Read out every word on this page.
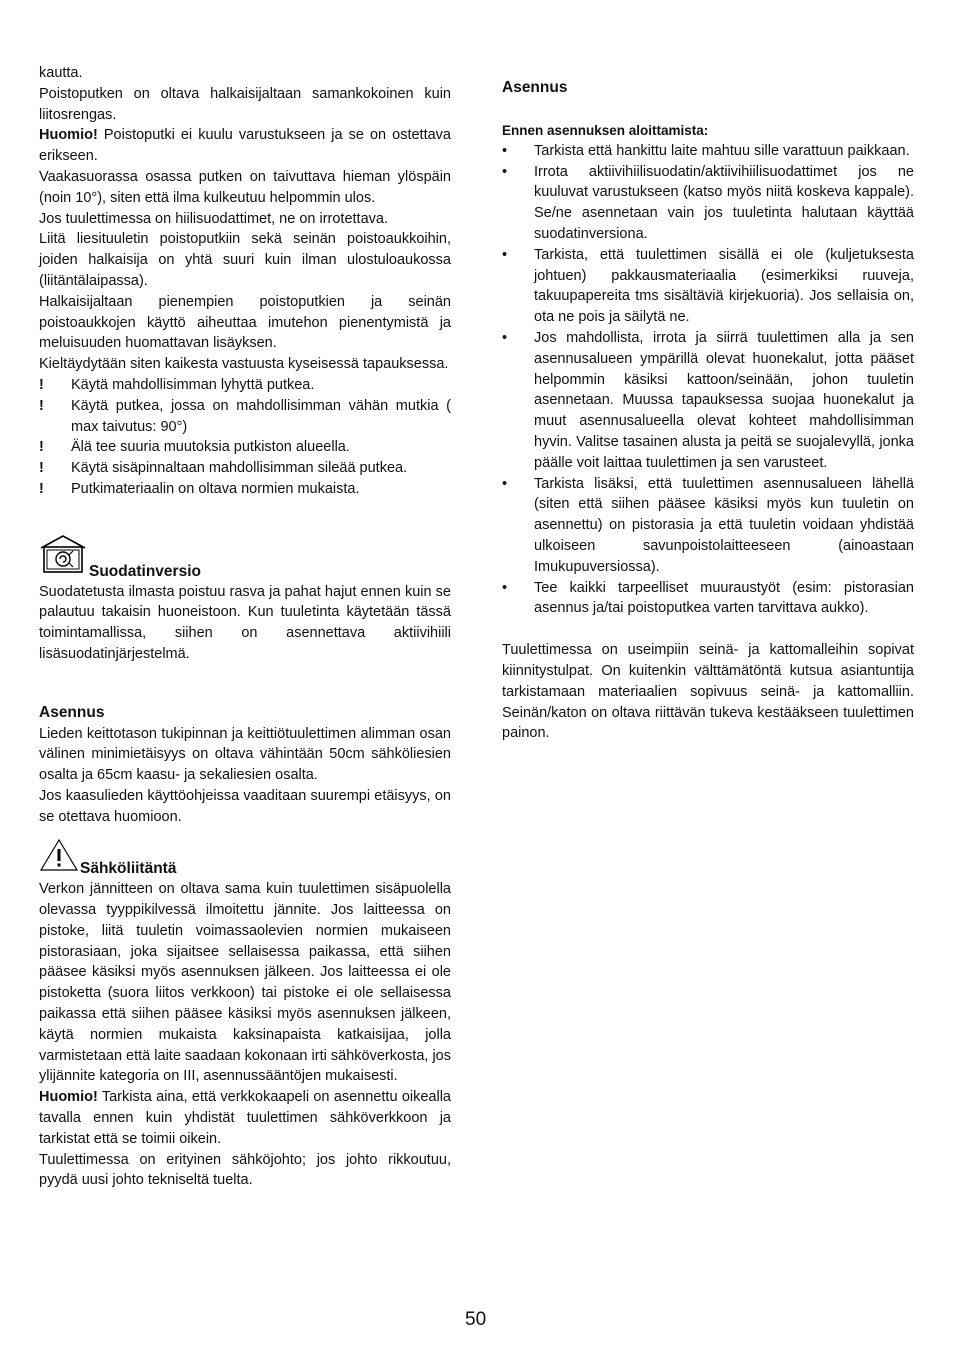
kautta.

Poistoputken on oltava halkaisijaltaan samankokoinen kuin liitosrengas.

Huomio! Poistoputki ei kuulu varustukseen ja se on ostettava erikseen.

Vaakasuorassa osassa putken on taivuttava hieman ylöspäin (noin 10°), siten että ilma kulkeutuu helpommin ulos.

Jos tuulettimessa on hiilisuodattimet, ne on irrotettava.

Liitä liesituuletin poistoputkiin sekä seinän poistoaukkoihin, joiden halkaisija on yhtä suuri kuin ilman ulostuloaukossa (liitäntälaipassa).

Halkaisijaltaan pienempien poistoputkien ja seinän poistoaukkojen käyttö aiheuttaa imutehon pienentymistä ja meluisuuden huomattavan lisäyksen.

Kieltäydytään siten kaikesta vastuusta kyseisessä tapauksessa.

! Käytä mahdollisimman lyhyttä putkea.
! Käytä putkea, jossa on mahdollisimman vähän mutkia ( max taivutus: 90°)
! Älä tee suuria muutoksia putkiston alueella.
! Käytä sisäpinnaltaan mahdollisimman sileää putkea.
! Putkimateriaalin on oltava normien mukaista.
Suodatinversio

Suodatetusta ilmasta poistuu rasva ja pahat hajut ennen kuin se palautuu takaisin huoneistoon. Kun tuuletinta käytetään tässä toimintamallissa, siihen on asennettava aktiivihiili lisäsuodatinjärjestelmä.

Asennus

Lieden keittotason tukipinnan ja keittiötuulettimen alimman osan välinen minimietäisyys on oltava vähintään 50cm sähköliesien osalta ja 65cm kaasu- ja sekaliesien osalta.

Jos kaasulieden käyttöohjeissa vaaditaan suurempi etäisyys, on se otettava huomioon.

Sähköliitäntä

Verkon jännitteen on oltava sama kuin tuulettimen sisäpuolella olevassa tyyppikilvessä ilmoitettu jännite. Jos laitteessa on pistoke, liitä tuuletin voimassaolevien normien mukaiseen pistorasiaan, joka sijaitsee sellaisessa paikassa, että siihen pääsee käsiksi myös asennuksen jälkeen. Jos laitteessa ei ole pistoketta (suora liitos verkkoon) tai pistoke ei ole sellaisessa paikassa että siihen pääsee käsiksi myös asennuksen jälkeen, käytä normien mukaista kaksinapaista katkaisijaa, jolla varmistetaan että laite saadaan kokonaan irti sähköverkosta, jos ylijännite kategoria on III, asennussääntöjen mukaisesti.

Huomio! Tarkista aina, että verkkokaapeli on asennettu oikealla tavalla ennen kuin yhdistät tuulettimen sähköverkkoon ja tarkistat että se toimii oikein.

Tuulettimessa on erityinen sähköjohto; jos johto rikkoutuu, pyydä uusi johto tekniseltä tuelta.

Asennus
Ennen asennuksen aloittamista:
• Tarkista että hankittu laite mahtuu sille varattuun paikkaan.
• Irrota aktiivihiilisuodatin/aktiivihiilisuodattimet jos ne kuuluvat varustukseen (katso myös niitä koskeva kappale). Se/ne asennetaan vain jos tuuletinta halutaan käyttää suodatinversiona.
• Tarkista, että tuulettimen sisällä ei ole (kuljetuksesta johtuen) pakkausmateriaalia (esimerkiksi ruuveja, takuupapereita tms sisältäviä kirjekuoria). Jos sellaisia on, ota ne pois ja säilytä ne.
• Jos mahdollista, irrota ja siirrä tuulettimen alla ja sen asennusalueen ympärillä olevat huonekalut, jotta pääset helpommin käsiksi kattoon/seinään, johon tuuletin asennetaan. Muussa tapauksessa suojaa huonekalut ja muut asennusalueella olevat kohteet mahdollisimman hyvin. Valitse tasainen alusta ja peitä se suojalevyllä, jonka päälle voit laittaa tuulettimen ja sen varusteet.
• Tarkista lisäksi, että tuulettimen asennusalueen lähellä (siten että siihen pääsee käsiksi myös kun tuuletin on asennettu) on pistorasia ja että tuuletin voidaan yhdistää ulkoiseen savunpoistolaitteeseen (ainoastaan Imukupuversiossa).
• Tee kaikki tarpeelliset muuraustyöt (esim: pistorasian asennus ja/tai poistoputkea varten tarvittava aukko).

Tuulettimessa on useimpiin seinä- ja kattomalleihin sopivat kiinnitystulpat. On kuitenkin välttämätöntä kutsua asiantuntija tarkistamaan materiaalien sopivuus seinä- ja kattomalliin. Seinän/katon on oltava riittävän tukeva kestääkseen tuulettimen painon.

50
